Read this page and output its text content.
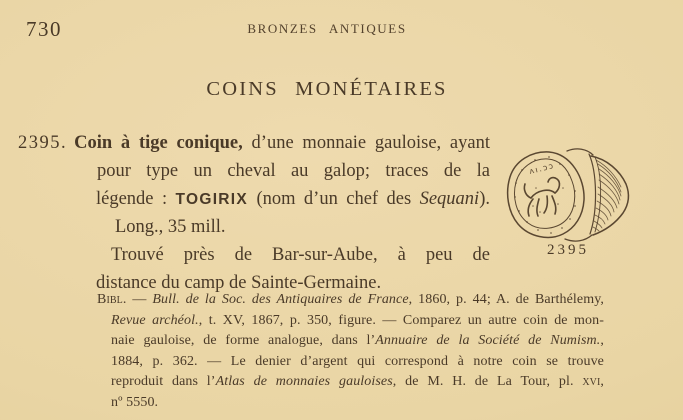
730	BRONZES ANTIQUES
COINS MONÉTAIRES
2395. Coin à tige conique, d’une monnaie gauloise, ayant
pour type un cheval au galop; traces de la
légende : TOGIRIX (nom d’un chef des Sequani).
Long., 35 mill.
Trouvé près de Bar-sur-Aube, à peu de
distance du camp de Sainte-Germaine.
ʌı.ɔɔ
2395
Bibl. — Bull. de la Soc. des Antiquaires de France, 1860, p. 44; A. de Barthélemy,
Revue archéol., t. XV, 1867, p. 350, figure. — Comparez un autre coin de mon-
naie gauloise, de forme analogue, dans l’Annuaire de la Société de Numism.,
1884, p. 362. — Le denier d’argent qui correspond à notre coin se trouve
reproduit dans l’Atlas de monnaies gauloises, de M. H. de La Tour, pl. xvi,
nº 5550.
